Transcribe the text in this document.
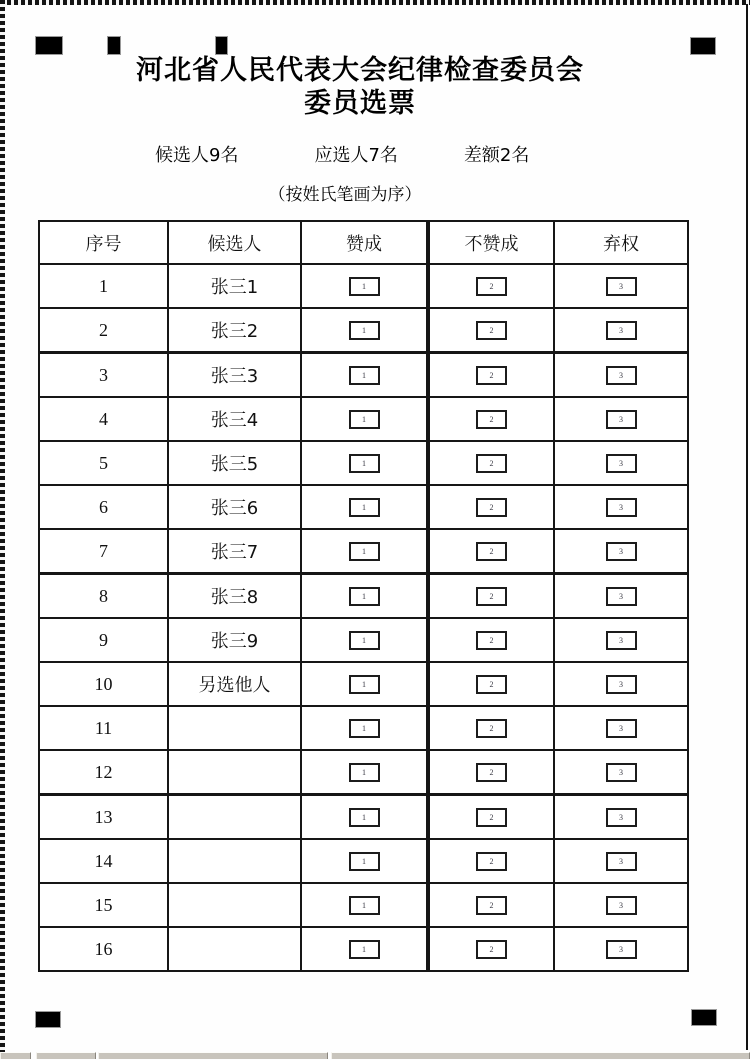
河北省人民代表大会纪律检查委员会
委员选票
候选人9名	应选人7名	差额2名
（按姓氏笔画为序）
序号	候选人	赞成	不赞成	弃权
1	张三1	1	2	3
2	张三2	1	2	3
3	张三3	1	2	3
4	张三4	1	2	3
5	张三5	1	2	3
6	张三6	1	2	3
7	张三7	1	2	3
8	张三8	1	2	3
9	张三9	1	2	3
10	另选他人	1	2	3
11		1	2	3
12		1	2	3
13		1	2	3
14		1	2	3
15		1	2	3
16		1	2	3
